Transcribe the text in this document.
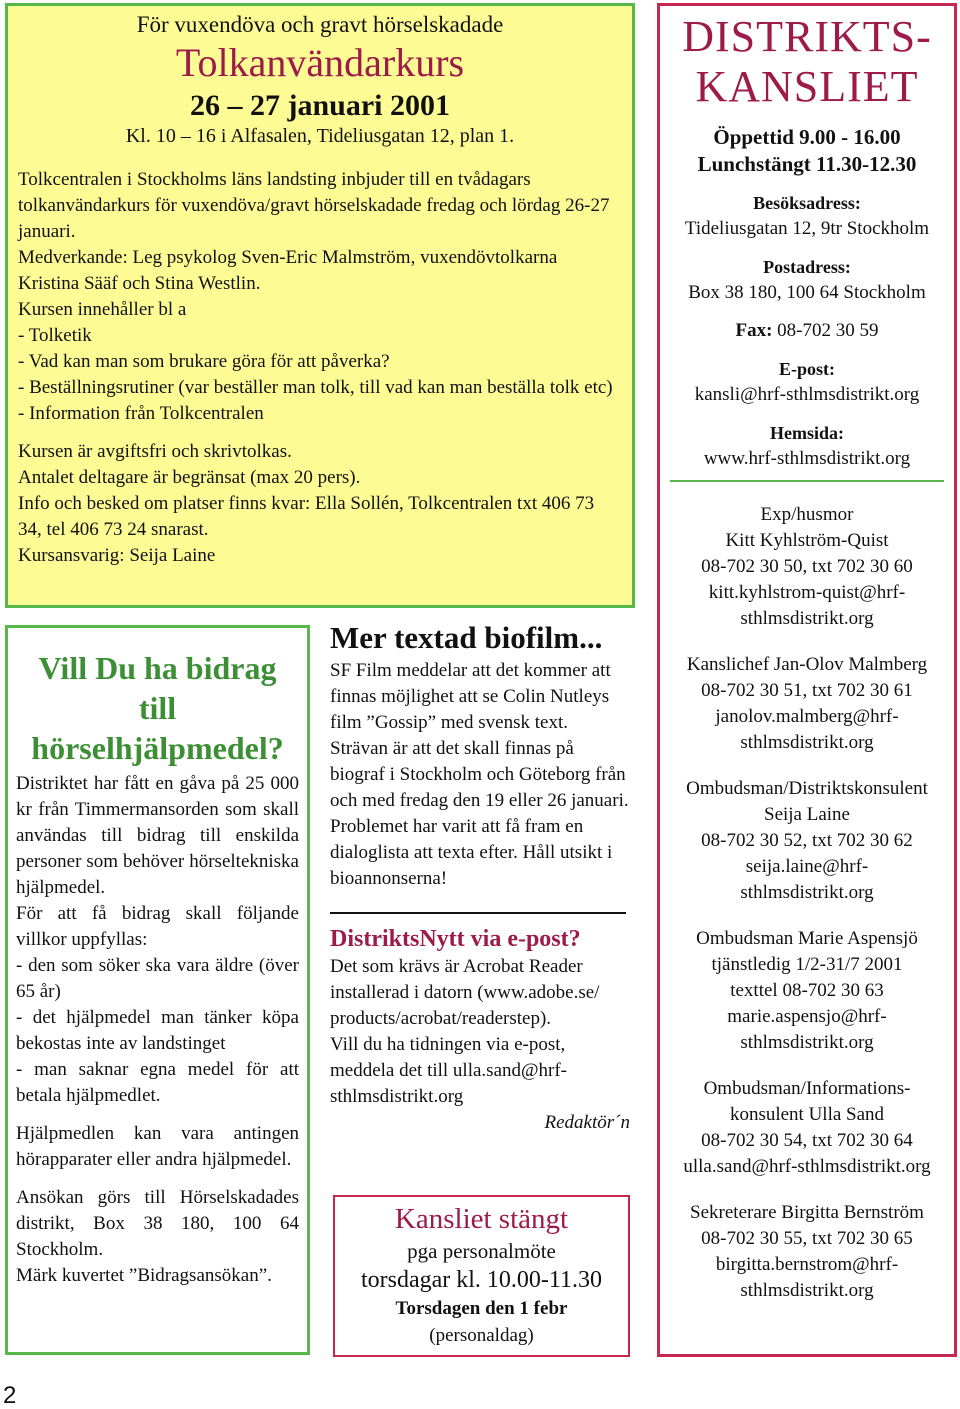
För vuxendöva och gravt hörselskadade

Tolkanvändarkurs

26 – 27 januari 2001

Kl. 10 – 16 i Alfasalen, Tideliusgatan 12, plan 1.

Tolkcentralen i Stockholms läns landsting inbjuder till en tvådagars tolkanvändarkurs för vuxendöva/gravt hörselskadade fredag och lördag 26-27 januari.

Medverkande: Leg psykolog Sven-Eric Malmström, vuxendövtolkarna Kristina Sääf och Stina Westlin.

Kursen innehåller bl a

- Tolketik

- Vad kan man som brukare göra för att påverka?

- Beställningsrutiner (var beställer man tolk, till vad kan man beställa tolk etc)

- Information från Tolkcentralen

Kursen är avgiftsfri och skrivtolkas.

Antalet deltagare är begränsat (max 20 pers).

Info och besked om platser finns kvar: Ella Sollén, Tolkcentralen txt 406 73 34, tel 406 73 24 snarast.

Kursansvarig: Seija Laine

Vill Du ha bidrag till hörselhjälpmedel?

Distriktet har fått en gåva på 25 000 kr från Timmermansorden som skall användas till bidrag till enskilda personer som behöver hörseltekniska hjälpmedel.

För att få bidrag skall följande villkor uppfyllas:

- den som söker ska vara äldre (över 65 år)

- det hjälpmedel man tänker köpa bekostas inte av landstinget

- man saknar egna medel för att betala hjälpmedlet.

Hjälpmedlen kan vara antingen hörapparater eller andra hjälpmedel.

Ansökan görs till Hörselskadades distrikt, Box 38 180, 100 64 Stockholm.

Märk kuvertet ”Bidragsansökan”.

Mer textad biofilm...

SF Film meddelar att det kommer att finnas möjlighet att se Colin Nutleys film ”Gossip” med svensk text.

Strävan är att det skall finnas på biograf i Stockholm och Göteborg från och med fredag den 19 eller 26 januari. Problemet har varit att få fram en dialoglista att texta efter. Håll utsikt i bioannonserna!

DistriktsNytt via e-post?

Det som krävs är Acrobat Reader installerad i datorn (www.adobe.se/ products/acrobat/readerstep).

Vill du ha tidningen via e-post, meddela det till ulla.sand@hrf-sthlmsdistrikt.org

Redaktör´n

Kansliet stängt

pga personalmöte

torsdagar kl. 10.00-11.30

Torsdagen den 1 febr

(personaldag)

DISTRIKTS-
KANSLIET

Öppettid 9.00 - 16.00

Lunchstängt 11.30-12.30

Besöksadress:

Tideliusgatan 12, 9tr Stockholm

Postadress:

Box 38 180, 100 64 Stockholm

Fax: 08-702 30 59

E-post:

kansli@hrf-sthlmsdistrikt.org

Hemsida:

www.hrf-sthlmsdistrikt.org

Exp/husmor

Kitt Kyhlström-Quist

08-702 30 50, txt 702 30 60

kitt.kyhlstrom-quist@hrf-

sthlmsdistrikt.org

Kanslichef Jan-Olov Malmberg

08-702 30 51, txt 702 30 61

janolov.malmberg@hrf-

sthlmsdistrikt.org

Ombudsman/Distriktskonsulent

Seija Laine

08-702 30 52, txt 702 30 62

seija.laine@hrf-

sthlmsdistrikt.org

Ombudsman Marie Aspensjö

tjänstledig 1/2-31/7 2001

texttel 08-702 30 63

marie.aspensjo@hrf-

sthlmsdistrikt.org

Ombudsman/Informations-

konsulent Ulla Sand

08-702 30 54, txt 702 30 64

ulla.sand@hrf-sthlmsdistrikt.org

Sekreterare Birgitta Bernström

08-702 30 55, txt 702 30 65

birgitta.bernstrom@hrf-

sthlmsdistrikt.org

2
